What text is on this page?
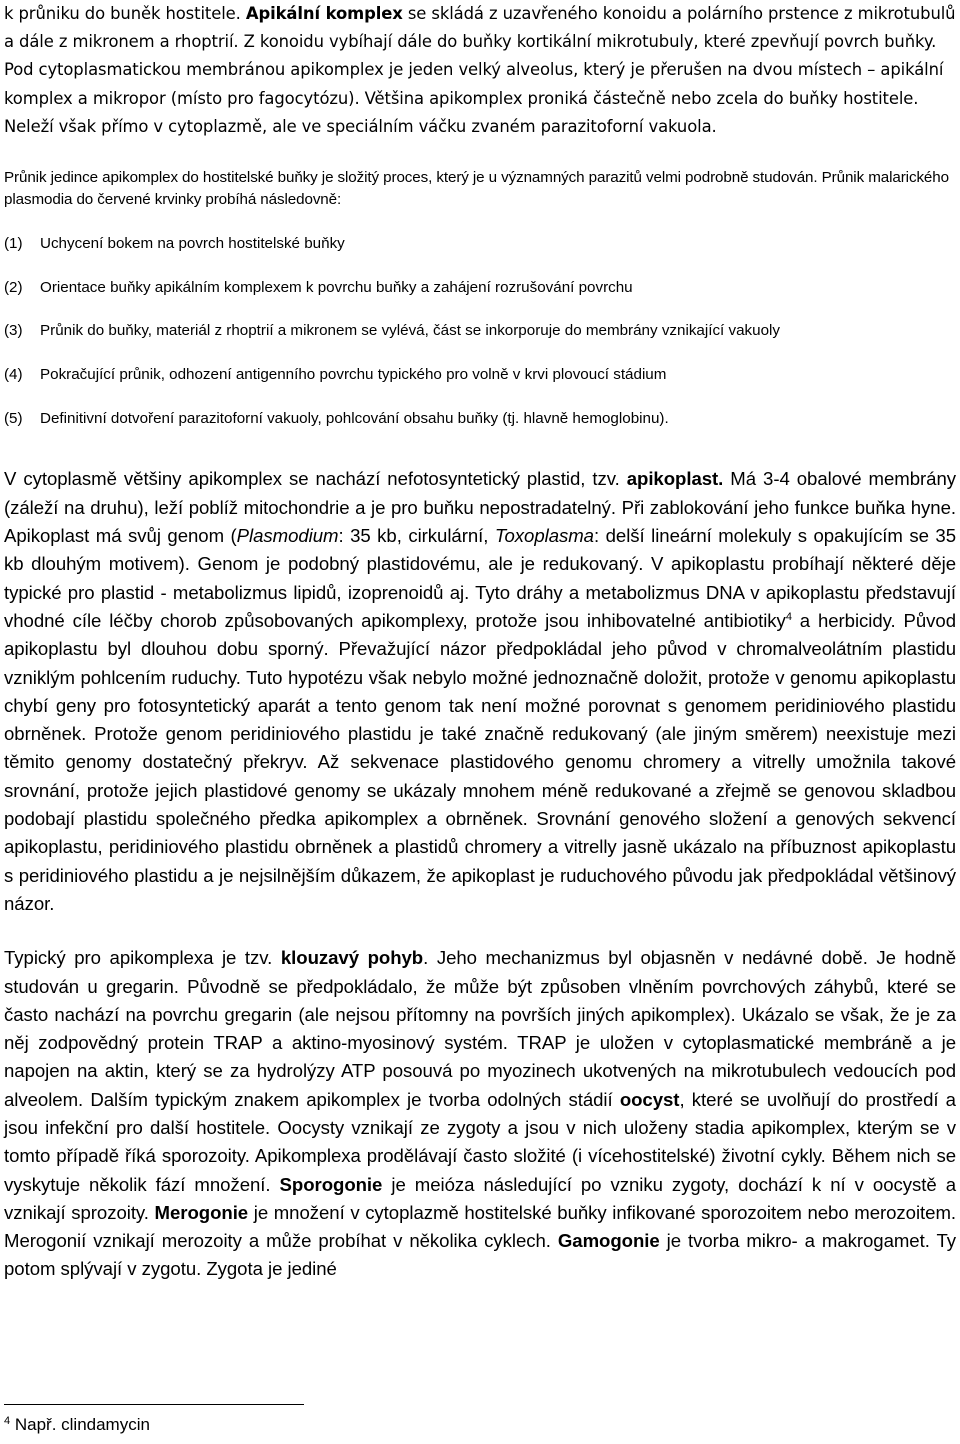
k průniku do buněk hostitele. Apikální komplex se skládá z uzavřeného konoidu a polárního prstence z mikrotubulů a dále z mikronem a rhoptrií. Z konoidu vybíhají dále do buňky kortikální mikrotubuly, které zpevňují povrch buňky. Pod cytoplasmatickou membránou apikomplex je jeden velký alveolus, který je přerušen na dvou místech – apikální komplex a mikropor (místo pro fagocytózu). Většina apikomplex proniká částečně nebo zcela do buňky hostitele. Neleží však přímo v cytoplazmě, ale ve speciálním váčku zvaném parazitoforní vakuola.

Průnik jedince apikomplex do hostitelské buňky je složitý proces, který je u významných parazitů velmi podrobně studován. Průnik malarického plasmodia do červené krvinky probíhá následovně:

(1) Uchycení bokem na povrch hostitelské buňky
(2) Orientace buňky apikálním komplexem k povrchu buňky a zahájení rozrušování povrchu
(3) Průnik do buňky, materiál z rhoptrií a mikronem se vylévá, část se inkorporuje do membrány vznikající vakuoly
(4) Pokračující průnik, odhození antigenního povrchu typického pro volně v krvi plovoucí stádium
(5) Definitivní dotvoření parazitoforní vakuoly, pohlcování obsahu buňky (tj. hlavně hemoglobinu).

V cytoplasmě většiny apikomplex se nachází nefotosyntetický plastid, tzv. apikoplast. Má 3-4 obalové membrány (záleží na druhu), leží poblíž mitochondrie a je pro buňku nepostradatelný. Při zablokování jeho funkce buňka hyne. Apikoplast má svůj genom (Plasmodium: 35 kb, cirkulární, Toxoplasma: delší lineární molekuly s opakujícím se 35 kb dlouhým motivem). Genom je podobný plastidovému, ale je redukovaný. V apikoplastu probíhají některé děje typické pro plastid - metabolizmus lipidů, izoprenoidů aj. Tyto dráhy a metabolizmus DNA v apikoplastu představují vhodné cíle léčby chorob způsobovaných apikomplexy, protože jsou inhibovatelné antibiotiky$^4$ a herbicidy. Původ apikoplastu byl dlouhou dobu sporný. Převažující názor předpokládal jeho původ v chromalveolátním plastidu vzniklým pohlcením ruduchy. Tuto hypotézu však nebylo možné jednoznačně doložit, protože v genomu apikoplastu chybí geny pro fotosyntetický aparát a tento genom tak není možné porovnat s genomem peridiniového plastidu obrněnek. Protože genom peridiniového plastidu je také značně redukovaný (ale jiným směrem) neexistuje mezi těmito genomy dostatečný překryv. Až sekvenace plastidového genomu chromery a vitrelly umožnila takové srovnání, protože jejich plastidové genomy se ukázaly mnohem méně redukované a zřejmě se genovou skladbou podobají plastidu společného předka apikomplex a obrněnek. Srovnání genového složení a genových sekvencí apikoplastu, peridiniového plastidu obrněnek a plastidů chromery a vitrelly jasně ukázalo na příbuznost apikoplastu s peridiniového plastidu a je nejsilnějším důkazem, že apikoplast je ruduchového původu jak předpokládal většinový názor.

Typický pro apikomplexa je tzv. klouzavý pohyb. Jeho mechanizmus byl objasněn v nedávné době. Je hodně studován u gregarin. Původně se předpokládalo, že může být způsoben vlněním povrchových záhybů, které se často nachází na povrchu gregarin (ale nejsou přítomny na površích jiných apikomplex). Ukázalo se však, že je za něj zodpovědný protein TRAP a aktino-myosinový systém. TRAP je uložen v cytoplasmatické membráně a je napojen na aktin, který se za hydrolýzy ATP posouvá po myozinech ukotvených na mikrotubulech vedoucích pod alveolem. Dalším typickým znakem apikomplex je tvorba odolných stádií oocyst, které se uvolňují do prostředí a jsou infekční pro další hostitele. Oocysty vznikají ze zygoty a jsou v nich uloženy stadia apikomplex, kterým se v tomto případě říká sporozoity. Apikomplexa prodělávají často složité (i vícehostitelské) životní cykly. Během nich se vyskytuje několik fází množení. Sporogonie je meióza následující po vzniku zygoty, dochází k ní v oocystě a vznikají sprozoity. Merogonie je množení v cytoplazmě hostitelské buňky infikované sporozoitem nebo merozoitem. Merogonií vznikají merozoity a může probíhat v několika cyklech. Gamogonie je tvorba mikro- a makrogamet. Ty potom splývají v zygotu. Zygota je jediné

$^4$ Např. clindamycin
